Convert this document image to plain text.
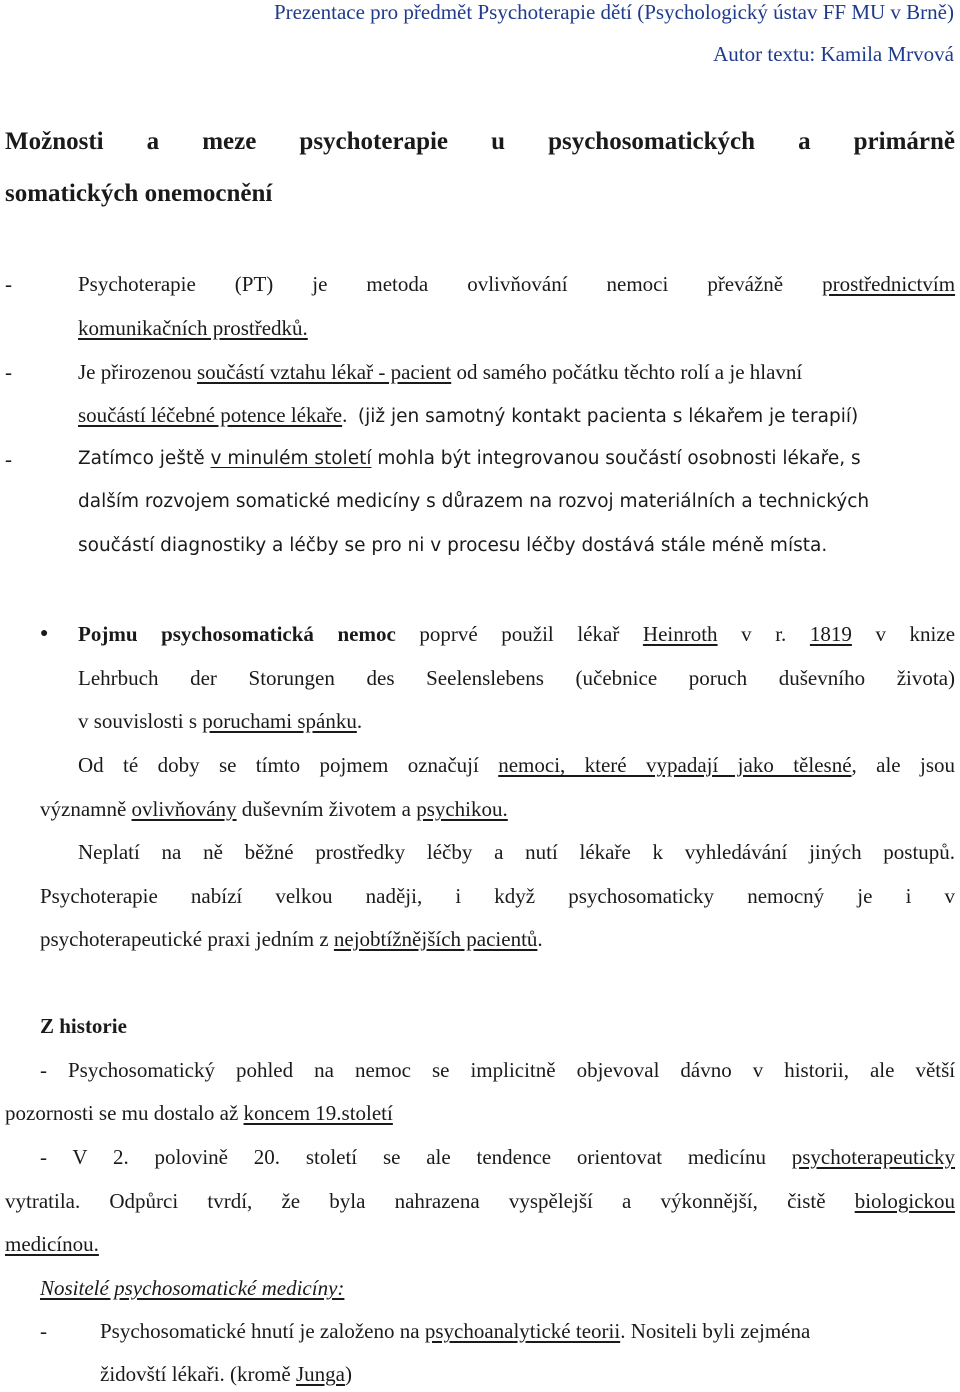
Prezentace pro předmět Psychoterapie dětí (Psychologický ústav FF MU v Brně)
Autor textu: Kamila Mrvová
Možnosti a meze psychoterapie u psychosomatických a primárně
somatických onemocnění
-	Psychoterapie (PT) je metoda ovlivňování nemoci převážně prostřednictvím
komunikačních prostředků.
-	Je přirozenou součástí vztahu lékař - pacient od samého počátku těchto rolí a je hlavní
součástí léčebné potence lékaře. (již jen samotný kontakt pacienta s lékařem je terapií)
-	Zatímco ještě v minulém století mohla být integrovanou součástí osobnosti lékaře, s
dalším rozvojem somatické medicíny s důrazem na rozvoj materiálních a technických
součástí diagnostiky a léčby se pro ni v procesu léčby dostává stále méně místa.
● Pojmu psychosomatická nemoc poprvé použil lékař Heinroth v r. 1819 v knize
Lehrbuch der Storungen des Seelenslebens (učebnice poruch duševního života)
v souvislosti s poruchami spánku.
Od té doby se tímto pojmem označují nemoci, které vypadají jako tělesné, ale jsou
významně ovlivňovány duševním životem a psychikou.
Neplatí na ně běžné prostředky léčby a nutí lékaře k vyhledávání jiných postupů.
Psychoterapie nabízí velkou naději, i když psychosomaticky nemocný je i v
psychoterapeutické praxi jedním z nejobtížnějších pacientů.
Z historie
- Psychosomatický pohled na nemoc se implicitně objevoval dávno v historii, ale větší
pozornosti se mu dostalo až koncem 19.století
- V 2. polovině 20. století se ale tendence orientovat medicínu psychoterapeuticky
vytratila. Odpůrci tvrdí, že byla nahrazena vyspělejší a výkonnější, čistě biologickou
medicínou.
Nositelé psychosomatické medicíny:
-	Psychosomatické hnutí je založeno na psychoanalytické teorii. Nositeli byli zejména
židovští lékaři. (kromě Junga)
